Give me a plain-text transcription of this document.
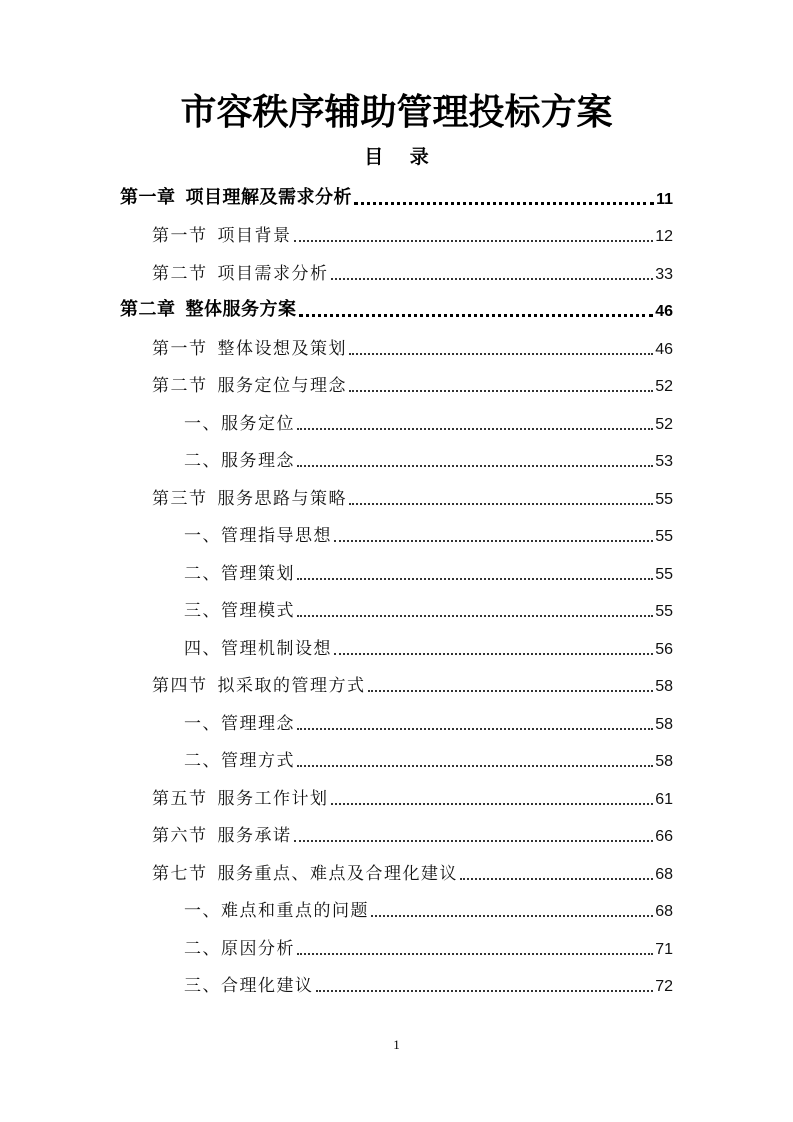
市容秩序辅助管理投标方案
目 录
第一章 项目理解及需求分析	11
第一节 项目背景	12
第二节 项目需求分析	33
第二章 整体服务方案	46
第一节 整体设想及策划	46
第二节 服务定位与理念	52
一、服务定位	52
二、服务理念	53
第三节 服务思路与策略	55
一、管理指导思想	55
二、管理策划	55
三、管理模式	55
四、管理机制设想	56
第四节 拟采取的管理方式	58
一、管理理念	58
二、管理方式	58
第五节 服务工作计划	61
第六节 服务承诺	66
第七节 服务重点、难点及合理化建议	68
一、难点和重点的问题	68
二、原因分析	71
三、合理化建议	72
1
